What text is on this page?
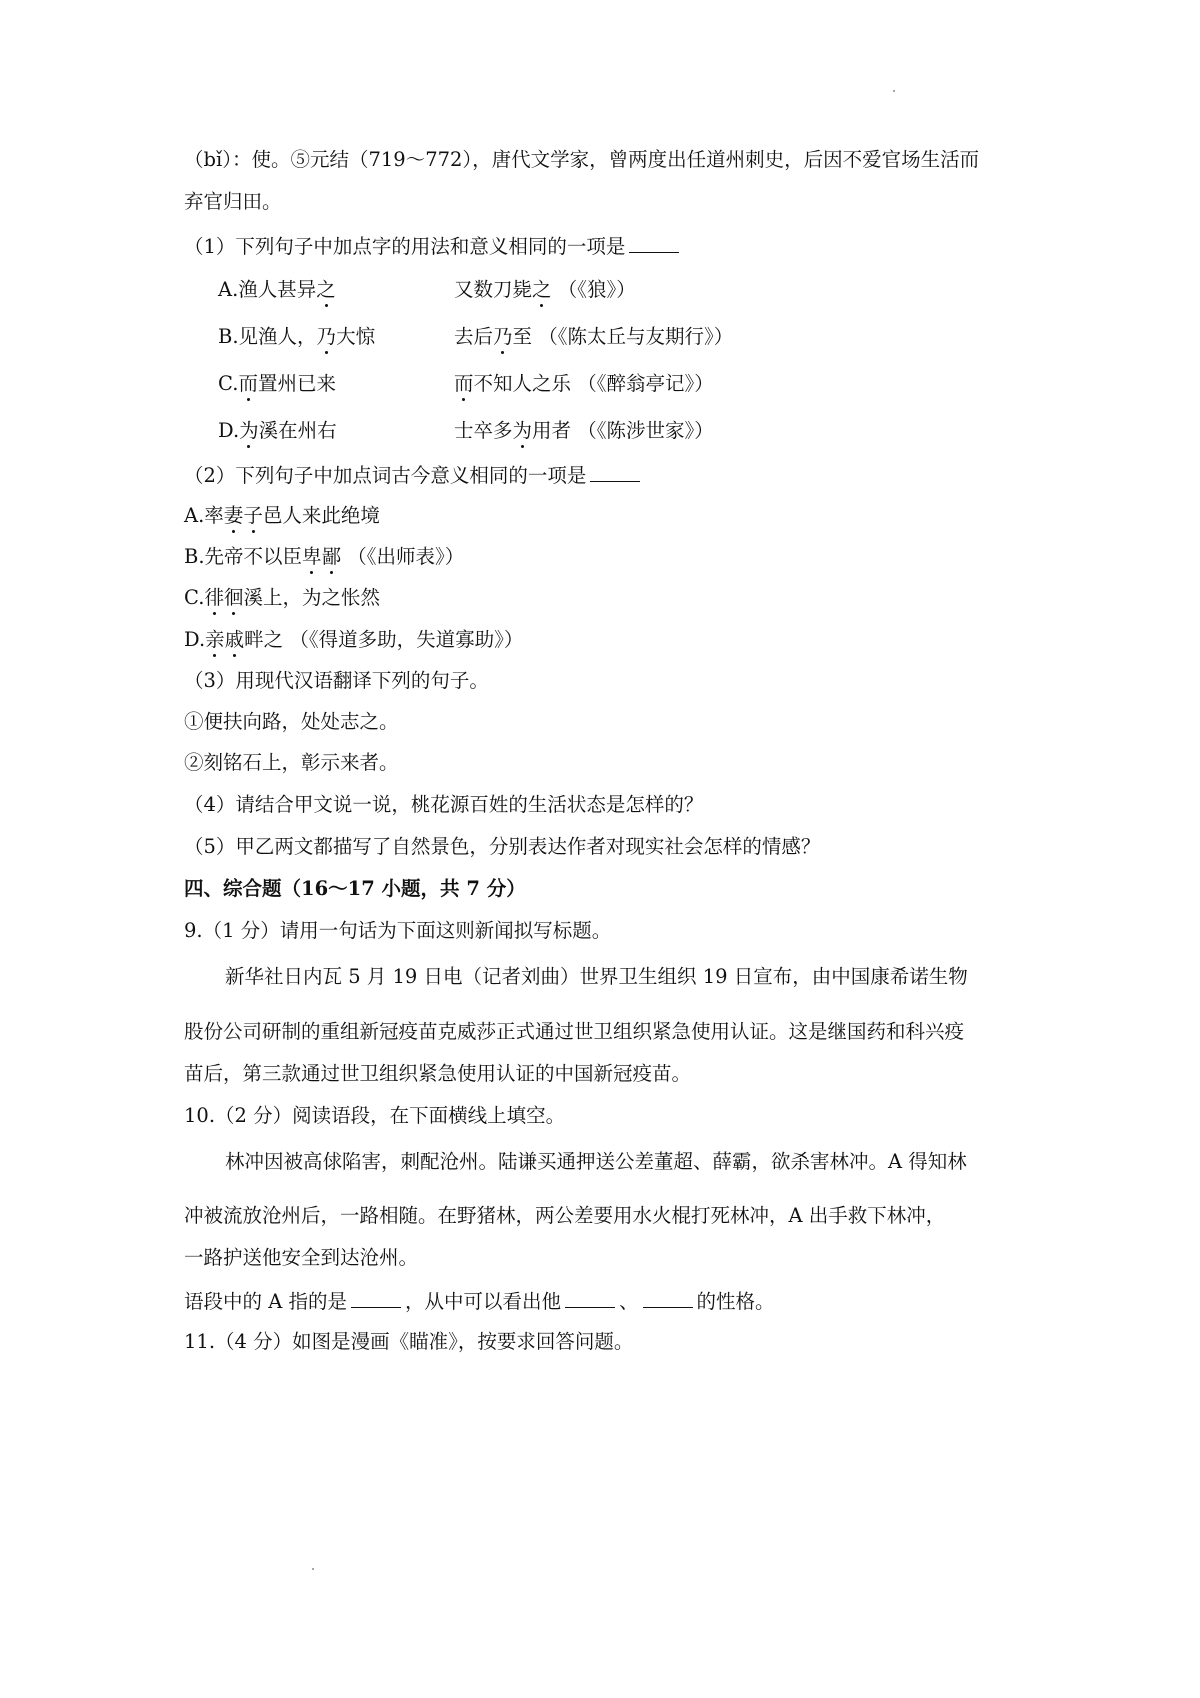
（bǐ）：使。⑤元结（719～772），唐代文学家，曾两度出任道州刺史，后因不爱官场生活而
弃官归田。
（1）下列句子中加点字的用法和意义相同的一项是
A.渔人甚异之	又数刀毙之 （《狼》）
B.见渔人，乃大惊	去后乃至 （《陈太丘与友期行》）
C.而置州已来	而不知人之乐 （《醉翁亭记》）
D.为溪在州右	士卒多为用者 （《陈涉世家》）
（2）下列句子中加点词古今意义相同的一项是
A.率妻子邑人来此绝境
B.先帝不以臣卑鄙 （《出师表》）
C.徘徊溪上，为之怅然
D.亲戚畔之 （《得道多助，失道寡助》）
（3）用现代汉语翻译下列的句子。
①便扶向路，处处志之。
②刻铭石上，彰示来者。
（4）请结合甲文说一说，桃花源百姓的生活状态是怎样的？
（5）甲乙两文都描写了自然景色，分别表达作者对现实社会怎样的情感？
四、综合题（16～17 小题，共 7 分）
9.（1 分）请用一句话为下面这则新闻拟写标题。
新华社日内瓦 5 月 19 日电（记者刘曲）世界卫生组织 19 日宣布，由中国康希诺生物
股份公司研制的重组新冠疫苗克威莎正式通过世卫组织紧急使用认证。这是继国药和科兴疫
苗后，第三款通过世卫组织紧急使用认证的中国新冠疫苗。
10.（2 分）阅读语段，在下面横线上填空。
林冲因被高俅陷害，刺配沧州。陆谦买通押送公差董超、薛霸，欲杀害林冲。A 得知林
冲被流放沧州后，一路相随。在野猪林，两公差要用水火棍打死林冲，A 出手救下林冲，
一路护送他安全到达沧州。
语段中的 A 指的是	，从中可以看出他	、	的性格。
11.（4 分）如图是漫画《瞄准》，按要求回答问题。
